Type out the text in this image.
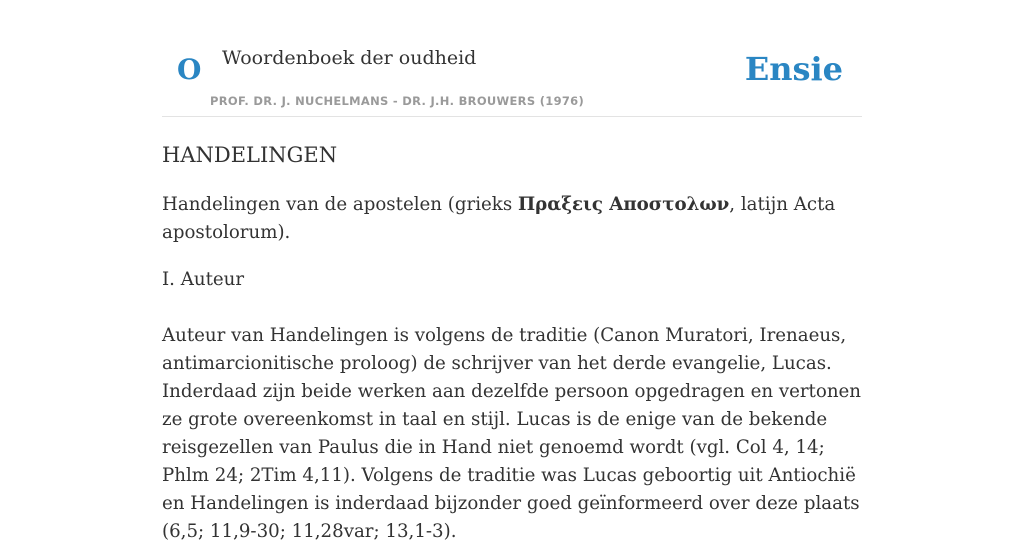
O Woordenboek der oudheid
PROF. DR. J. NUCHELMANS - DR. J.H. BROUWERS (1976)
Ensie
HANDELINGEN

Handelingen van de apostelen (grieks Πραξεις Αποστολων, latijn Acta apostolorum).

I. Auteur

Auteur van Handelingen is volgens de traditie (Canon Muratori, Irenaeus, antimarcionitische proloog) de schrijver van het derde evangelie, Lucas. Inderdaad zijn beide werken aan dezelfde persoon opgedragen en vertonen ze grote overeenkomst in taal en stijl. Lucas is de enige van de bekende reisgezellen van Paulus die in Hand niet genoemd wordt (vgl. Col 4, 14; Phlm 24; 2Tim 4,11). Volgens de traditie was Lucas geboortig uit Antiochië en Handelingen is inderdaad bijzonder goed geïnformeerd over deze plaats (6,5; 11,9-30; 11,28var; 13,1-3).
